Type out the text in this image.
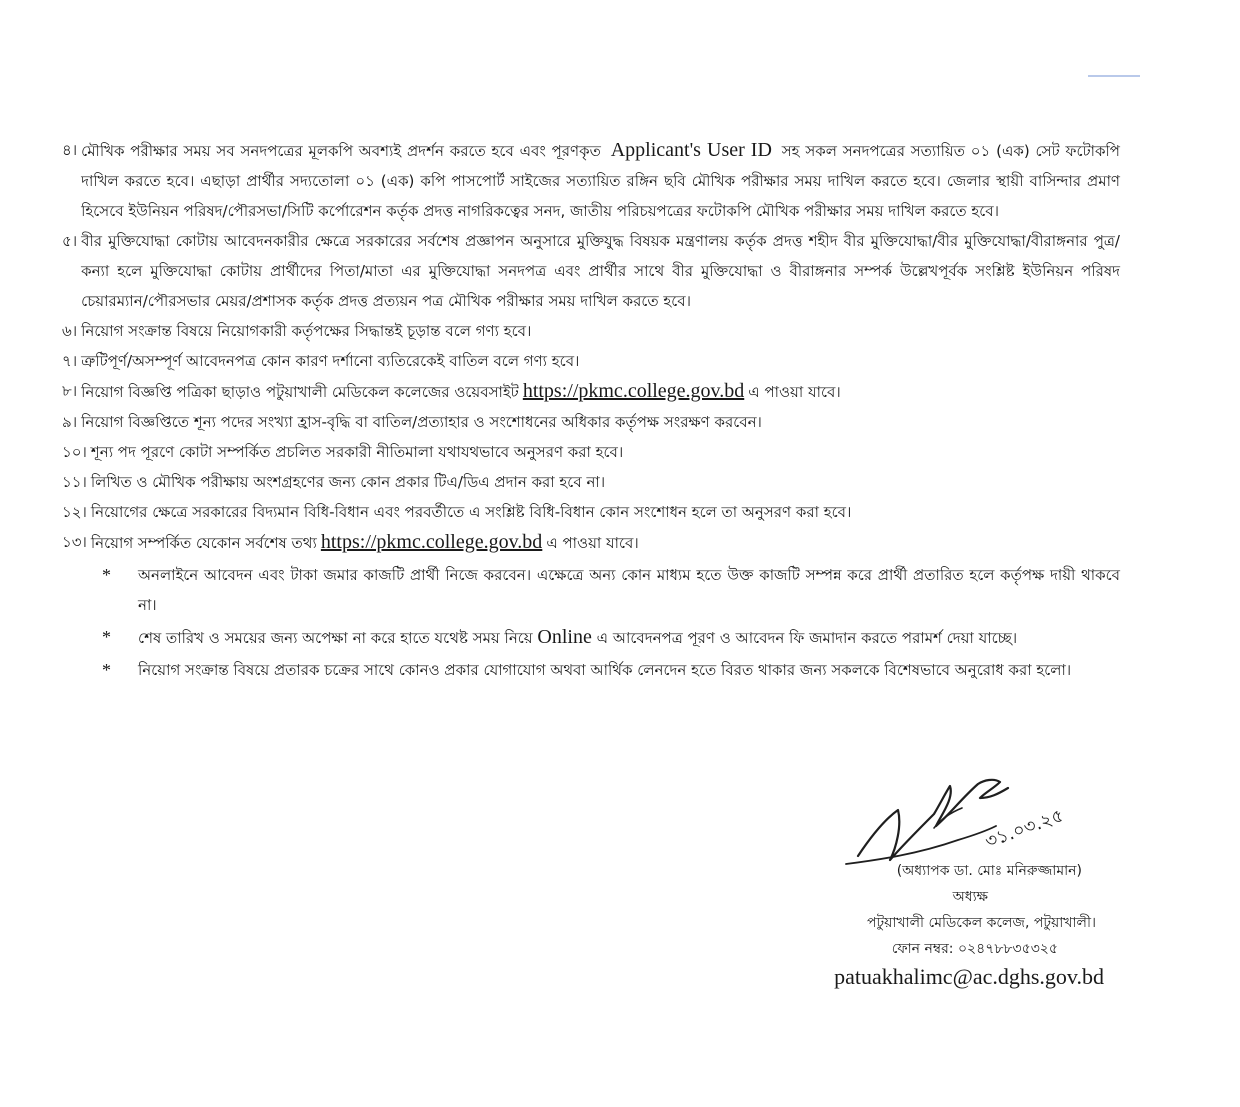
৪। মৌখিক পরীক্ষার সময় সব সনদপত্রের মূলকপি অবশ্যই প্রদর্শন করতে হবে এবং পূরণকৃত Applicant's User ID সহ সকল সনদপত্রের সত্যায়িত ০১ (এক) সেট ফটোকপি দাখিল করতে হবে। এছাড়া প্রার্থীর সদ্যতোলা ০১ (এক) কপি পাসপোর্ট সাইজের সত্যায়িত রঙ্গিন ছবি মৌখিক পরীক্ষার সময় দাখিল করতে হবে। জেলার স্থায়ী বাসিন্দার প্রমাণ হিসেবে ইউনিয়ন পরিষদ/পৌরসভা/সিটি কর্পোরেশন কর্তৃক প্রদত্ত নাগরিকত্বের সনদ, জাতীয় পরিচয়পত্রের ফটোকপি মৌখিক পরীক্ষার সময় দাখিল করতে হবে।
৫। বীর মুক্তিযোদ্ধা কোটায় আবেদনকারীর ক্ষেত্রে সরকারের সর্বশেষ প্রজ্ঞাপন অনুসারে মুক্তিযুদ্ধ বিষয়ক মন্ত্রণালয় কর্তৃক প্রদত্ত শহীদ বীর মুক্তিযোদ্ধা/বীর মুক্তিযোদ্ধা/বীরাঙ্গনার পুত্র/কন্যা হলে মুক্তিযোদ্ধা কোটায় প্রার্থীদের পিতা/মাতা এর মুক্তিযোদ্ধা সনদপত্র এবং প্রার্থীর সাথে বীর মুক্তিযোদ্ধা ও বীরাঙ্গনার সম্পর্ক উল্লেখপূর্বক সংশ্লিষ্ট ইউনিয়ন পরিষদ চেয়ারম্যান/পৌরসভার মেয়র/প্রশাসক কর্তৃক প্রদত্ত প্রত্যয়ন পত্র মৌখিক পরীক্ষার সময় দাখিল করতে হবে।
৬। নিয়োগ সংক্রান্ত বিষয়ে নিয়োগকারী কর্তৃপক্ষের সিদ্ধান্তই চূড়ান্ত বলে গণ্য হবে।
৭। ত্রুটিপূর্ণ/অসম্পূর্ণ আবেদনপত্র কোন কারণ দর্শানো ব্যতিরেকেই বাতিল বলে গণ্য হবে।
৮। নিয়োগ বিজ্ঞপ্তি পত্রিকা ছাড়াও পটুয়াখালী মেডিকেল কলেজের ওয়েবসাইট https://pkmc.college.gov.bd এ পাওয়া যাবে।
৯। নিয়োগ বিজ্ঞপ্তিতে শূন্য পদের সংখ্যা হ্রাস-বৃদ্ধি বা বাতিল/প্রত্যাহার ও সংশোধনের অধিকার কর্তৃপক্ষ সংরক্ষণ করবেন।
১০। শূন্য পদ পূরণে কোটা সম্পর্কিত প্রচলিত সরকারী নীতিমালা যথাযথভাবে অনুসরণ করা হবে।
১১। লিখিত ও মৌখিক পরীক্ষায় অংশগ্রহণের জন্য কোন প্রকার টিএ/ডিএ প্রদান করা হবে না।
১২। নিয়োগের ক্ষেত্রে সরকারের বিদ্যমান বিধি-বিধান এবং পরবর্তীতে এ সংশ্লিষ্ট বিধি-বিধান কোন সংশোধন হলে তা অনুসরণ করা হবে।
১৩। নিয়োগ সম্পর্কিত যেকোন সর্বশেষ তথ্য https://pkmc.college.gov.bd এ পাওয়া যাবে।
*	অনলাইনে আবেদন এবং টাকা জমার কাজটি প্রার্থী নিজে করবেন। এক্ষেত্রে অন্য কোন মাধ্যম হতে উক্ত কাজটি সম্পন্ন করে প্রার্থী প্রতারিত হলে কর্তৃপক্ষ দায়ী থাকবে না।
*	শেষ তারিখ ও সময়ের জন্য অপেক্ষা না করে হাতে যথেষ্ট সময় নিয়ে Online এ আবেদনপত্র পূরণ ও আবেদন ফি জমাদান করতে পরামর্শ দেয়া যাচ্ছে।
*	নিয়োগ সংক্রান্ত বিষয়ে প্রতারক চক্রের সাথে কোনও প্রকার যোগাযোগ অথবা আর্থিক লেনদেন হতে বিরত থাকার জন্য সকলকে বিশেষভাবে অনুরোধ করা হলো।
৩১.০৩.২৫
(অধ্যাপক ডা. মোঃ মনিরুজ্জামান)
অধ্যক্ষ
পটুয়াখালী মেডিকেল কলেজ, পটুয়াখালী।
ফোন নম্বর: ০২৪৭৮৮৩৫৩২৫
patuakhalimc@ac.dghs.gov.bd
